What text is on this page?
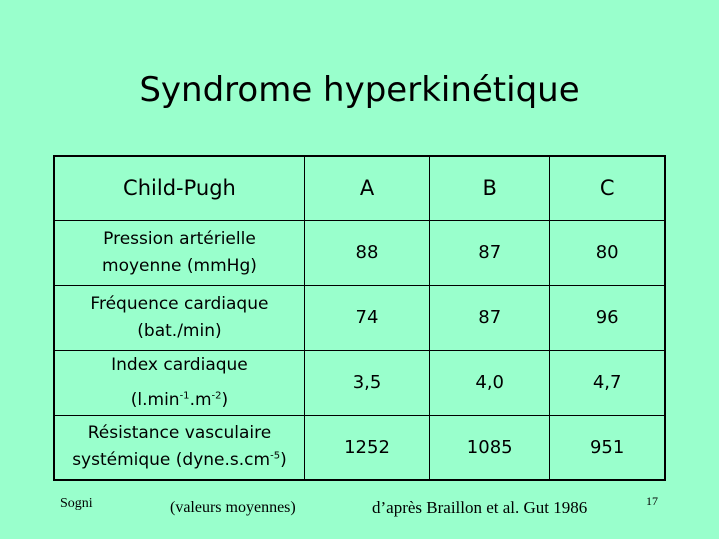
Syndrome hyperkinétique
Child-Pugh	A	B	C
Pression artérielle
moyenne (mmHg)	88	87	80
Fréquence cardiaque
(bat./min)	74	87	96
Index cardiaque
$(l.\min^{-1}.m^{-2})$	3,5	4,0	4,7
Résistance vasculaire
systémique $(dyne.s.cm^{-5})$	1252	1085	951
Sogni	(valeurs moyennes)	d’après Braillon et al. Gut 1986	17
